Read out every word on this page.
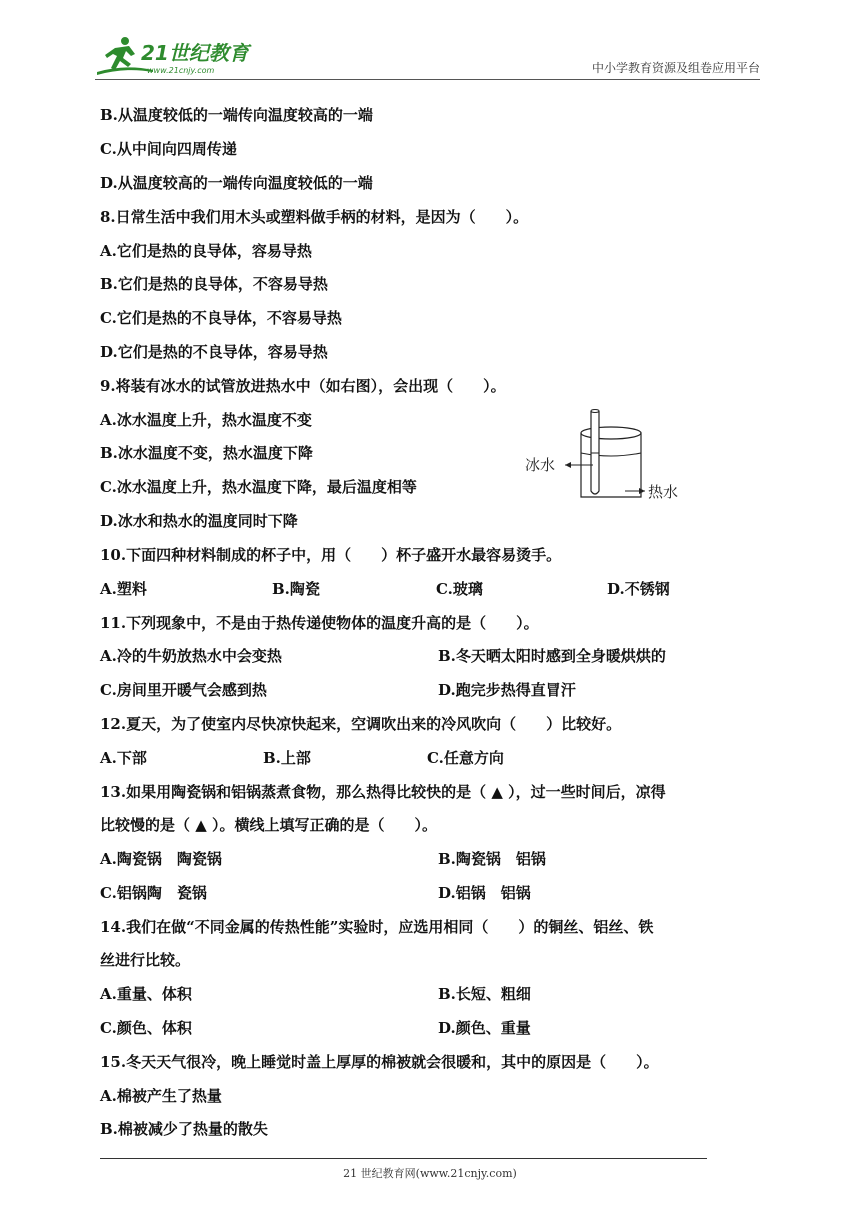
21世纪教育
www.21cnjy.com	中小学教育资源及组卷应用平台
B.从温度较低的一端传向温度较高的一端
C.从中间向四周传递
D.从温度较高的一端传向温度较低的一端
8.日常生活中我们用木头或塑料做手柄的材料，是因为（　　）。
A.它们是热的良导体，容易导热
B.它们是热的良导体，不容易导热
C.它们是热的不良导体，不容易导热
D.它们是热的不良导体，容易导热
9.将装有冰水的试管放进热水中（如右图），会出现（　　）。
A.冰水温度上升，热水温度不变
B.冰水温度不变，热水温度下降
C.冰水温度上升，热水温度下降，最后温度相等
D.冰水和热水的温度同时下降
冰水
热水
10.下面四种材料制成的杯子中，用（　　）杯子盛开水最容易烫手。
A.塑料	B.陶瓷	C.玻璃	D.不锈钢
11.下列现象中，不是由于热传递使物体的温度升高的是（　　）。
A.冷的牛奶放热水中会变热	B.冬天晒太阳时感到全身暖烘烘的
C.房间里开暖气会感到热	D.跑完步热得直冒汗
12.夏天，为了使室内尽快凉快起来，空调吹出来的冷风吹向（　　）比较好。
A.下部	B.上部	C.任意方向
13.如果用陶瓷锅和铝锅蒸煮食物，那么热得比较快的是（ ▲ ），过一些时间后，凉得
比较慢的是（ ▲ ）。横线上填写正确的是（　　）。
A.陶瓷锅　陶瓷锅	B.陶瓷锅　铝锅
C.铝锅陶　瓷锅	D.铝锅　铝锅
14.我们在做“不同金属的传热性能”实验时，应选用相同（　　）的铜丝、铝丝、铁
丝进行比较。
A.重量、体积	B.长短、粗细
C.颜色、体积	D.颜色、重量
15.冬天天气很冷，晚上睡觉时盖上厚厚的棉被就会很暖和，其中的原因是（　　）。
A.棉被产生了热量
B.棉被减少了热量的散失
21 世纪教育网(www.21cnjy.com)
